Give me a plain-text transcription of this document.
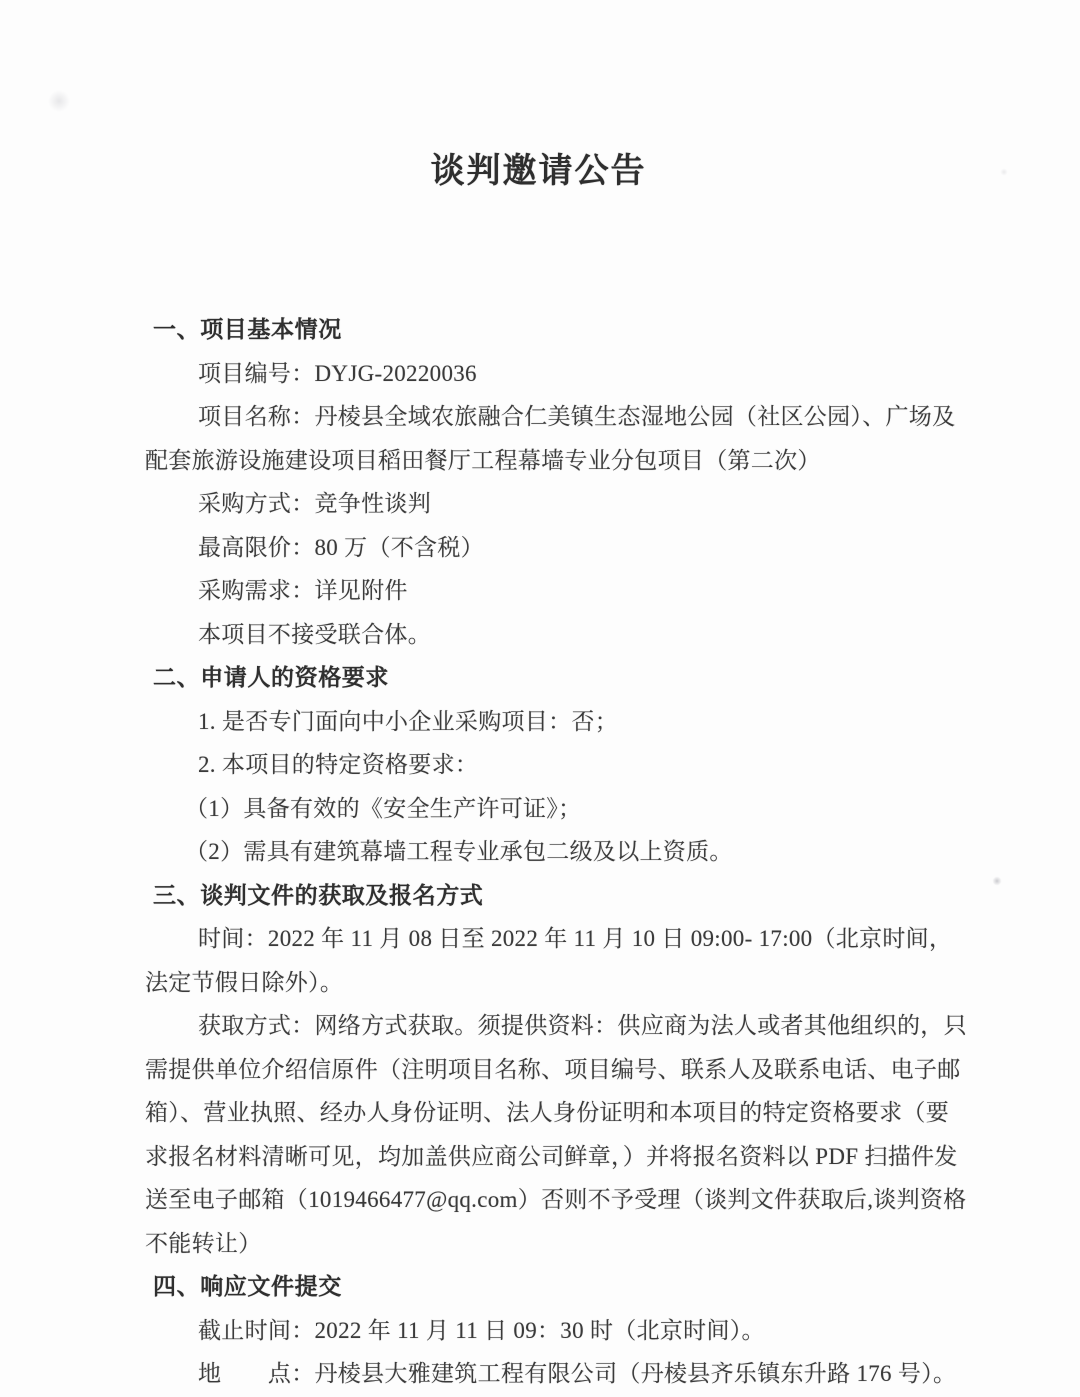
谈判邀请公告
一、项目基本情况
项目编号：DYJG-20220036
项目名称：丹棱县全域农旅融合仁美镇生态湿地公园（社区公园）、广场及
配套旅游设施建设项目稻田餐厅工程幕墙专业分包项目（第二次）
采购方式：竞争性谈判
最高限价：80 万（不含税）
采购需求：详见附件
本项目不接受联合体。
二、申请人的资格要求
1. 是否专门面向中小企业采购项目：否；
2. 本项目的特定资格要求：
（1）具备有效的《安全生产许可证》；
（2）需具有建筑幕墙工程专业承包二级及以上资质。
三、谈判文件的获取及报名方式
时间：2022 年 11 月 08 日至 2022 年 11 月 10 日 09:00- 17:00（北京时间，
法定节假日除外）。
获取方式：网络方式获取。须提供资料：供应商为法人或者其他组织的，只
需提供单位介绍信原件（注明项目名称、项目编号、联系人及联系电话、电子邮
箱）、营业执照、经办人身份证明、法人身份证明和本项目的特定资格要求（要
求报名材料清晰可见，均加盖供应商公司鲜章，）并将报名资料以 PDF 扫描件发
送至电子邮箱（1019466477@qq.com）否则不予受理（谈判文件获取后,谈判资格
不能转让）
四、响应文件提交
截止时间：2022 年 11 月 11 日 09：30 时（北京时间）。
地　　点：丹棱县大雅建筑工程有限公司（丹棱县齐乐镇东升路 176 号）。
